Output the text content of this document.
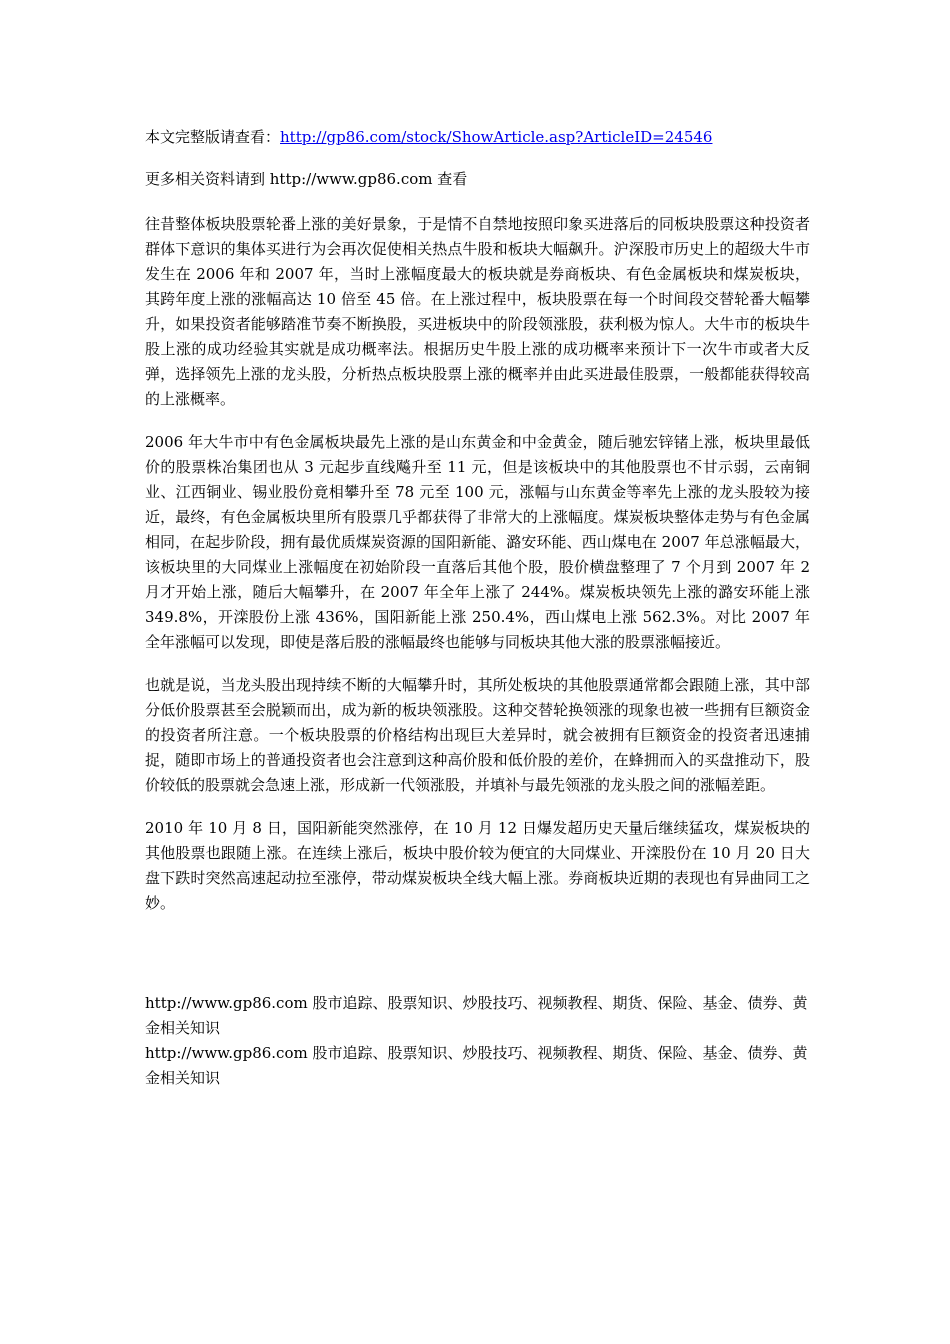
本文完整版请查看：http://gp86.com/stock/ShowArticle.asp?ArticleID=24546

更多相关资料请到 http://www.gp86.com 查看

往昔整体板块股票轮番上涨的美好景象，于是情不自禁地按照印象买进落后的同板块股票这种投资者群体下意识的集体买进行为会再次促使相关热点牛股和板块大幅飙升。沪深股市历史上的超级大牛市发生在 2006 年和 2007 年，当时上涨幅度最大的板块就是券商板块、有色金属板块和煤炭板块，其跨年度上涨的涨幅高达 10 倍至 45 倍。在上涨过程中，板块股票在每一个时间段交替轮番大幅攀升，如果投资者能够踏准节奏不断换股，买进板块中的阶段领涨股，获利极为惊人。大牛市的板块牛股上涨的成功经验其实就是成功概率法。根据历史牛股上涨的成功概率来预计下一次牛市或者大反弹，选择领先上涨的龙头股，分析热点板块股票上涨的概率并由此买进最佳股票，一般都能获得较高的上涨概率。

2006 年大牛市中有色金属板块最先上涨的是山东黄金和中金黄金，随后驰宏锌锗上涨，板块里最低价的股票株冶集团也从 3 元起步直线飚升至 11 元，但是该板块中的其他股票也不甘示弱，云南铜业、江西铜业、锡业股份竟相攀升至 78 元至 100 元，涨幅与山东黄金等率先上涨的龙头股较为接近，最终，有色金属板块里所有股票几乎都获得了非常大的上涨幅度。煤炭板块整体走势与有色金属相同，在起步阶段，拥有最优质煤炭资源的国阳新能、潞安环能、西山煤电在 2007 年总涨幅最大，该板块里的大同煤业上涨幅度在初始阶段一直落后其他个股，股价横盘整理了 7 个月到 2007 年 2 月才开始上涨，随后大幅攀升，在 2007 年全年上涨了 244%。煤炭板块领先上涨的潞安环能上涨 349.8%，开滦股份上涨 436%，国阳新能上涨 250.4%，西山煤电上涨 562.3%。对比 2007 年全年涨幅可以发现，即使是落后股的涨幅最终也能够与同板块其他大涨的股票涨幅接近。

也就是说，当龙头股出现持续不断的大幅攀升时，其所处板块的其他股票通常都会跟随上涨，其中部分低价股票甚至会脱颖而出，成为新的板块领涨股。这种交替轮换领涨的现象也被一些拥有巨额资金的投资者所注意。一个板块股票的价格结构出现巨大差异时，就会被拥有巨额资金的投资者迅速捕捉，随即市场上的普通投资者也会注意到这种高价股和低价股的差价，在蜂拥而入的买盘推动下，股价较低的股票就会急速上涨，形成新一代领涨股，并填补与最先领涨的龙头股之间的涨幅差距。

2010 年 10 月 8 日，国阳新能突然涨停，在 10 月 12 日爆发超历史天量后继续猛攻，煤炭板块的其他股票也跟随上涨。在连续上涨后，板块中股价较为便宜的大同煤业、开滦股份在 10 月 20 日大盘下跌时突然高速起动拉至涨停，带动煤炭板块全线大幅上涨。券商板块近期的表现也有异曲同工之妙。

http://www.gp86.com 股市追踪、股票知识、炒股技巧、视频教程、期货、保险、基金、债券、黄金相关知识

http://www.gp86.com 股市追踪、股票知识、炒股技巧、视频教程、期货、保险、基金、债券、黄金相关知识
